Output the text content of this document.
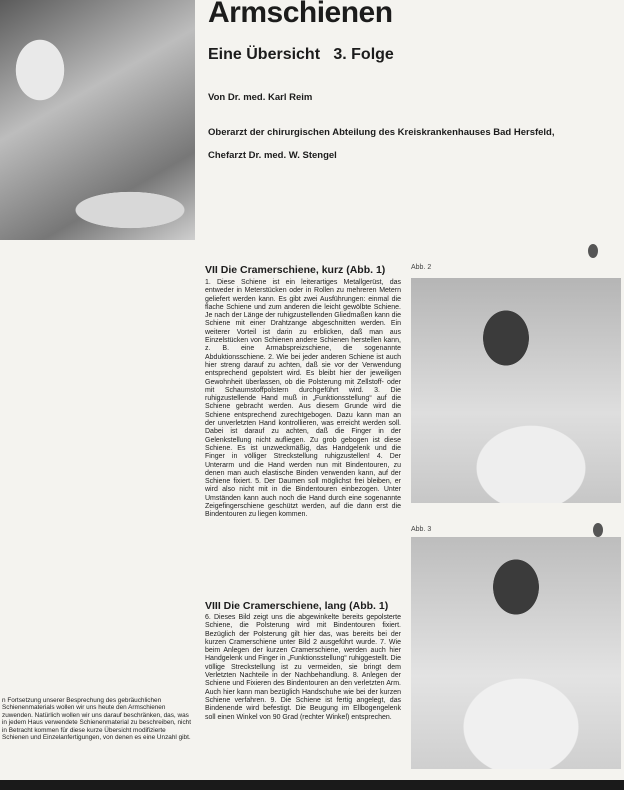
Armschienen
Eine Übersicht   3. Folge
Von Dr. med. Karl Reim
Oberarzt der chirurgischen Abteilung des Kreiskrankenhauses Bad Hersfeld,
Chefarzt Dr. med. W. Stengel
VII Die Cramerschiene, kurz (Abb. 1)

1. Diese Schiene ist ein leiterartiges Metallgerüst, das entweder in Meterstücken oder in Rollen zu mehreren Metern geliefert werden kann. Es gibt zwei Ausführungen: einmal die flache Schiene und zum anderen die leicht gewölbte Schiene. Je nach der Länge der ruhigzustellenden Gliedmaßen kann die Schiene mit einer Drahtzange abgeschnitten werden. Ein weiterer Vorteil ist darin zu erblicken, daß man aus Einzelstücken von Schienen andere Schienen herstellen kann, z. B. eine Armabspreizschiene, die sogenannte Abduktionsschiene. 2. Wie bei jeder anderen Schiene ist auch hier streng darauf zu achten, daß sie vor der Verwendung entsprechend gepolstert wird. Es bleibt hier der jeweiligen Gewohnheit überlassen, ob die Polsterung mit Zellstoff- oder mit Schaumstoffpolstern durchgeführt wird. 3. Die ruhigzustellende Hand muß in „Funktionsstellung“ auf die Schiene gebracht werden. Aus diesem Grunde wird die Schiene entsprechend zurechtgebogen. Dazu kann man an der unverletzten Hand kontrollieren, was erreicht werden soll. Dabei ist darauf zu achten, daß die Finger in der Gelenkstellung nicht aufliegen. Zu grob gebogen ist diese Schiene. Es ist unzweckmäßig, das Handgelenk und die Finger in völliger Streckstellung ruhigzustellen! 4. Der Unterarm und die Hand werden nun mit Bindentouren, zu denen man auch elastische Binden verwenden kann, auf der Schiene fixiert. 5. Der Daumen soll möglichst frei bleiben, er wird also nicht mit in die Bindentouren einbezogen. Unter Umständen kann auch noch die Hand durch eine sogenannte Zeigefingerschiene geschützt werden, auf die dann erst die Bindentouren zu liegen kommen.

VIII Die Cramerschiene, lang (Abb. 1)

6. Dieses Bild zeigt uns die abgewinkelte bereits gepolsterte Schiene, die Polsterung wird mit Bindentouren fixiert. Bezüglich der Polsterung gilt hier das, was bereits bei der kurzen Cramerschiene unter Bild 2 ausgeführt wurde. 7. Wie beim Anlegen der kurzen Cramerschiene, werden auch hier Handgelenk und Finger in „Funktionsstellung“ ruhiggestellt. Die völlige Streckstellung ist zu vermeiden, sie bringt dem Verletzten Nachteile in der Nachbehandlung. 8. Anlegen der Schiene und Fixieren des Bindentouren an den verletzten Arm. Auch hier kann man bezüglich Handschuhe wie bei der kurzen Schiene verfahren. 9. Die Schiene ist fertig angelegt, das Bindenende wird befestigt. Die Beugung im Ellbogengelenk soll einen Winkel von 90 Grad (rechter Winkel) entsprechen.

Abb. 2
Abb. 3

n Fortsetzung unserer Besprechung des gebräuchlichen Schienenmaterials wollen wir uns heute den Armschienen zuwenden. Natürlich wollen wir uns darauf beschränken, das, was in jedem Haus verwendete Schienenmaterial zu beschreiben, nicht in Betracht kommen für diese kurze Übersicht modifizierte Schienen und Einzelanfertigungen, von denen es eine Unzahl gibt.
